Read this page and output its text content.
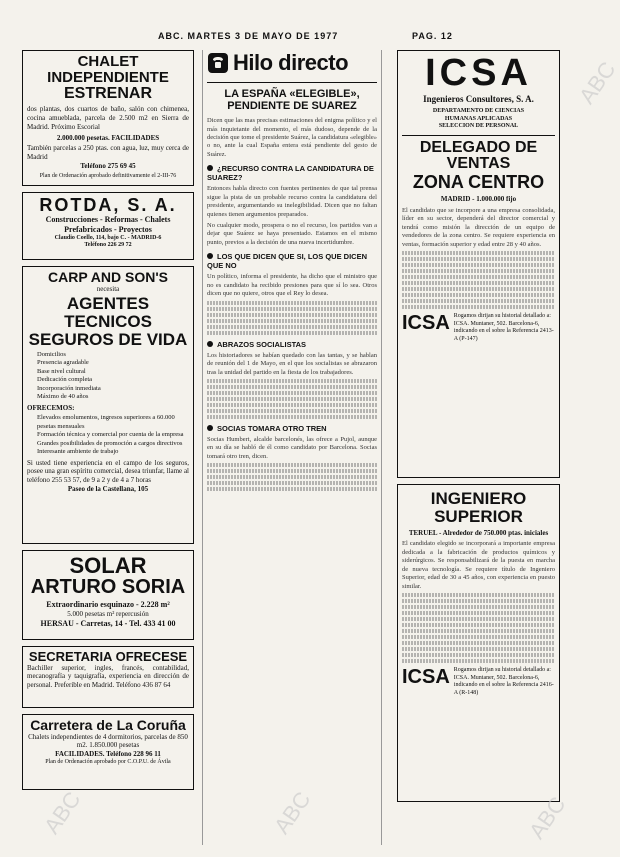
ABC. MARTES 3 DE MAYO DE 1977	PAG. 12
CHALET INDEPENDIENTE
ESTRENAR
dos plantas, dos cuartos de baño, salón con chimenea, cocina amueblada, parcela de 2.500 m2 en Sierra de Madrid. Próximo Escorial
2.000.000 pesetas. FACILIDADES
También parcelas a 250 ptas. con agua, luz, muy cerca de Madrid
Teléfono 275 69 45
Plan de Ordenación aprobado definitivamente el 2-III-76
ROTDA, S. A.
Construcciones - Reformas - Chalets
Prefabricados - Proyectos
Claudio Coello, 114, bajo C. - MADRID-6
Teléfono 226 29 72
CARP AND SON'S
necesita
AGENTES TECNICOS
SEGUROS DE VIDA
Domicilios
Presencia agradable
Base nivel cultural
Dedicación completa
Incorporación inmediata
Máximo de 40 años
OFRECEMOS:
Elevados emolumentos, ingresos superiores a 60.000 pesetas mensuales
Formación técnica y comercial por cuenta de la empresa
Grandes posibilidades de promoción a cargos directivos
Interesante ambiente de trabajo
Si usted tiene experiencia en el campo de los seguros, posee una gran espíritu comercial, desea triunfar, llame al teléfono 255 53 57, de 9 a 2 y de 4 a 7 horas
Paseo de la Castellana, 105
SOLAR
ARTURO SORIA
Extraordinario esquinazo - 2.228 m²
5.000 pesetas m² repercusión
HERSAU - Carretas, 14 - Tel. 433 41 00
SECRETARIA OFRECESE
Bachiller superior, ingles, francés, contabilidad, mecanografía y taquigrafía, experiencia en dirección de personal. Preferible en Madrid. Teléfono 436 87 64
Carretera de La Coruña
Chalets independientes de 4 dormitorios, parcelas de 850 m2. 1.850.000 pesetas
FACILIDADES. Teléfono 228 96 11
Plan de Ordenación aprobado por C.O.P.U. de Ávila
Hilo directo
LA ESPAÑA «ELEGIBLE»,
PENDIENTE DE SUAREZ
Dicen que las mas precisas estimaciones del enigma político y el más inquietante del momento, el más dudoso, depende de la decisión que tome el presidente Suárez, la candidatura «elegible» o no, ante la cual España entera está pendiente del gesto de Suárez.
¿RECURSO CONTRA LA CANDIDATURA DE SUAREZ?
Entonces habla directo con fuentes pertinentes de que tal prensa sigue la pista de un probable recurso contra la candidatura del presidente, argumentando su inelegibilidad. Dicen que no faltan quienes tienen argumentos preparados.
No cualquier modo, prospera o no el recurso, los partidos van a dejar que Suárez se haya presentado. Estamos en el mismo punto, previos a la decisión de una nueva incertidumbre.
LOS QUE DICEN QUE SI, LOS QUE DICEN QUE NO
Un político, informa el presidente, ha dicho que el ministro que no es candidato ha recibido presiones para que sí lo sea. Otros dicen que no quiere, otros que el Rey lo desea.
ABRAZOS SOCIALISTAS
Los historiadores se habían quedado con las tantas, y se hablan de reunión del 1 de Mayo, en el que los socialistas se abrazaron tras la unidad del partido en la fiesta de los trabajadores.
SOCIAS TOMARA OTRO TREN
Socias Humbert, alcalde barcelonés, las ofrece a Pujol, aunque en su día se habló de él como candidato por Barcelona. Socias tomará otro tren, dicen.
ICSA
Ingenieros Consultores, S. A.
DEPARTAMENTO DE CIENCIAS
HUMANAS APLICADAS
SELECCION DE PERSONAL
DELEGADO DE VENTAS
ZONA CENTRO
MADRID - 1.000.000 fijo
El candidato que se incorpore a una empresa consolidada, líder en su sector, dependerá del director comercial y tendrá como misión la dirección de un equipo de vendedores de la zona centro. Se requiere experiencia en ventas, formación superior y edad entre 28 y 40 años.
ICSA Rogamos dirijan su historial detallado a: ICSA. Muntaner, 502. Barcelona-6, indicando en el sobre la Referencia 2413-A (P-147)
INGENIERO SUPERIOR
TERUEL - Alrededor de 750.000 ptas. iniciales
El candidato elegido se incorporará a importante empresa dedicada a la fabricación de productos químicos y siderúrgicos. Se responsabilizará de la puesta en marcha de nueva tecnología. Se requiere título de Ingeniero Superior, edad de 30 a 45 años, con experiencia en puesto similar.
ICSA Rogamos dirijan su historial detallado a: ICSA. Muntaner, 502. Barcelona-6, indicando en el sobre la Referencia 2416-A (R-148)
ABC	ABC	ABC
ABC
